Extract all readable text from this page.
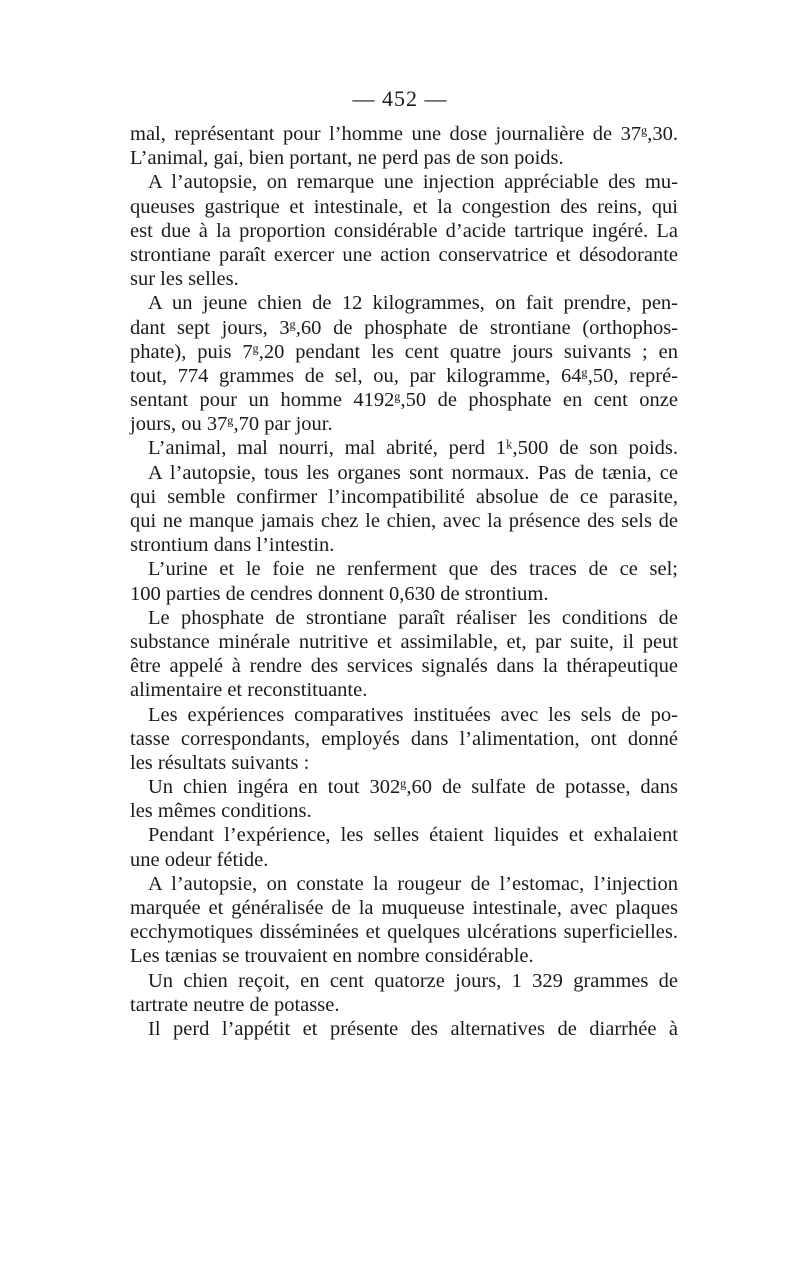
— 452 —
mal, représentant pour l’homme une dose journalière de 37ᵍ,30.
L’animal, gai, bien portant, ne perd pas de son poids.
A l’autopsie, on remarque une injection appréciable des mu-
queuses gastrique et intestinale, et la congestion des reins, qui
est due à la proportion considérable d’acide tartrique ingéré. La
strontiane paraît exercer une action conservatrice et désodorante
sur les selles.
A un jeune chien de 12 kilogrammes, on fait prendre, pen-
dant sept jours, 3ᵍ,60 de phosphate de strontiane (orthophos-
phate), puis 7ᵍ,20 pendant les cent quatre jours suivants ; en
tout, 774 grammes de sel, ou, par kilogramme, 64ᵍ,50, repré-
sentant pour un homme 4192ᵍ,50 de phosphate en cent onze
jours, ou 37ᵍ,70 par jour.
L’animal, mal nourri, mal abrité, perd 1ᵏ,500 de son poids.
A l’autopsie, tous les organes sont normaux. Pas de tænia, ce
qui semble confirmer l’incompatibilité absolue de ce parasite,
qui ne manque jamais chez le chien, avec la présence des sels de
strontium dans l’intestin.
L’urine et le foie ne renferment que des traces de ce sel;
100 parties de cendres donnent 0,630 de strontium.
Le phosphate de strontiane paraît réaliser les conditions de
substance minérale nutritive et assimilable, et, par suite, il peut
être appelé à rendre des services signalés dans la thérapeutique
alimentaire et reconstituante.
Les expériences comparatives instituées avec les sels de po-
tasse correspondants, employés dans l’alimentation, ont donné
les résultats suivants :
Un chien ingéra en tout 302ᵍ,60 de sulfate de potasse, dans
les mêmes conditions.
Pendant l’expérience, les selles étaient liquides et exhalaient
une odeur fétide.
A l’autopsie, on constate la rougeur de l’estomac, l’injection
marquée et généralisée de la muqueuse intestinale, avec plaques
ecchymotiques disséminées et quelques ulcérations superficielles.
Les tænias se trouvaient en nombre considérable.
Un chien reçoit, en cent quatorze jours, 1 329 grammes de
tartrate neutre de potasse.
Il perd l’appétit et présente des alternatives de diarrhée à
